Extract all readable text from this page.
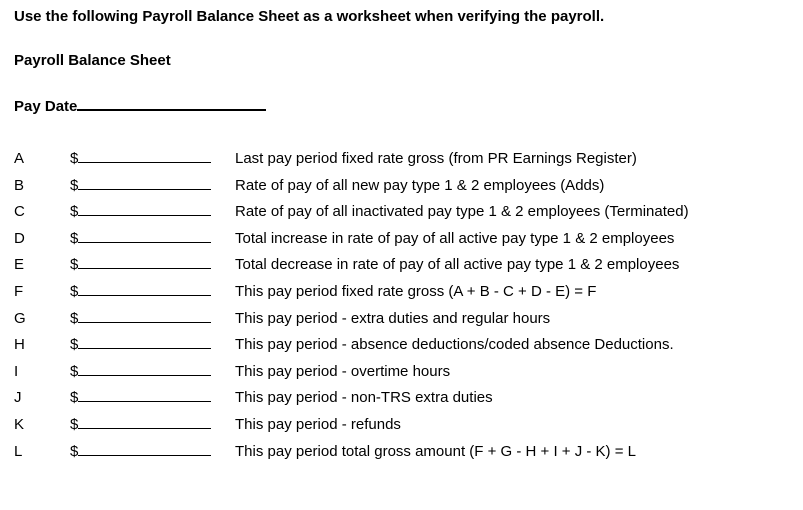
Use the following Payroll Balance Sheet as a worksheet when verifying the payroll.
Payroll Balance Sheet
Pay Date
A	$	Last pay period fixed rate gross (from PR Earnings Register)
B	$	Rate of pay of all new pay type 1 & 2 employees (Adds)
C	$	Rate of pay of all inactivated pay type 1 & 2 employees (Terminated)
D	$	Total increase in rate of pay of all active pay type 1 & 2 employees
E	$	Total decrease in rate of pay of all active pay type 1 & 2 employees
F	$	This pay period fixed rate gross (A + B - C + D - E) = F
G	$	This pay period - extra duties and regular hours
H	$	This pay period - absence deductions/coded absence Deductions.
I	$	This pay period - overtime hours
J	$	This pay period - non-TRS extra duties
K	$	This pay period - refunds
L	$	This pay period total gross amount (F + G - H + I + J - K) = L
